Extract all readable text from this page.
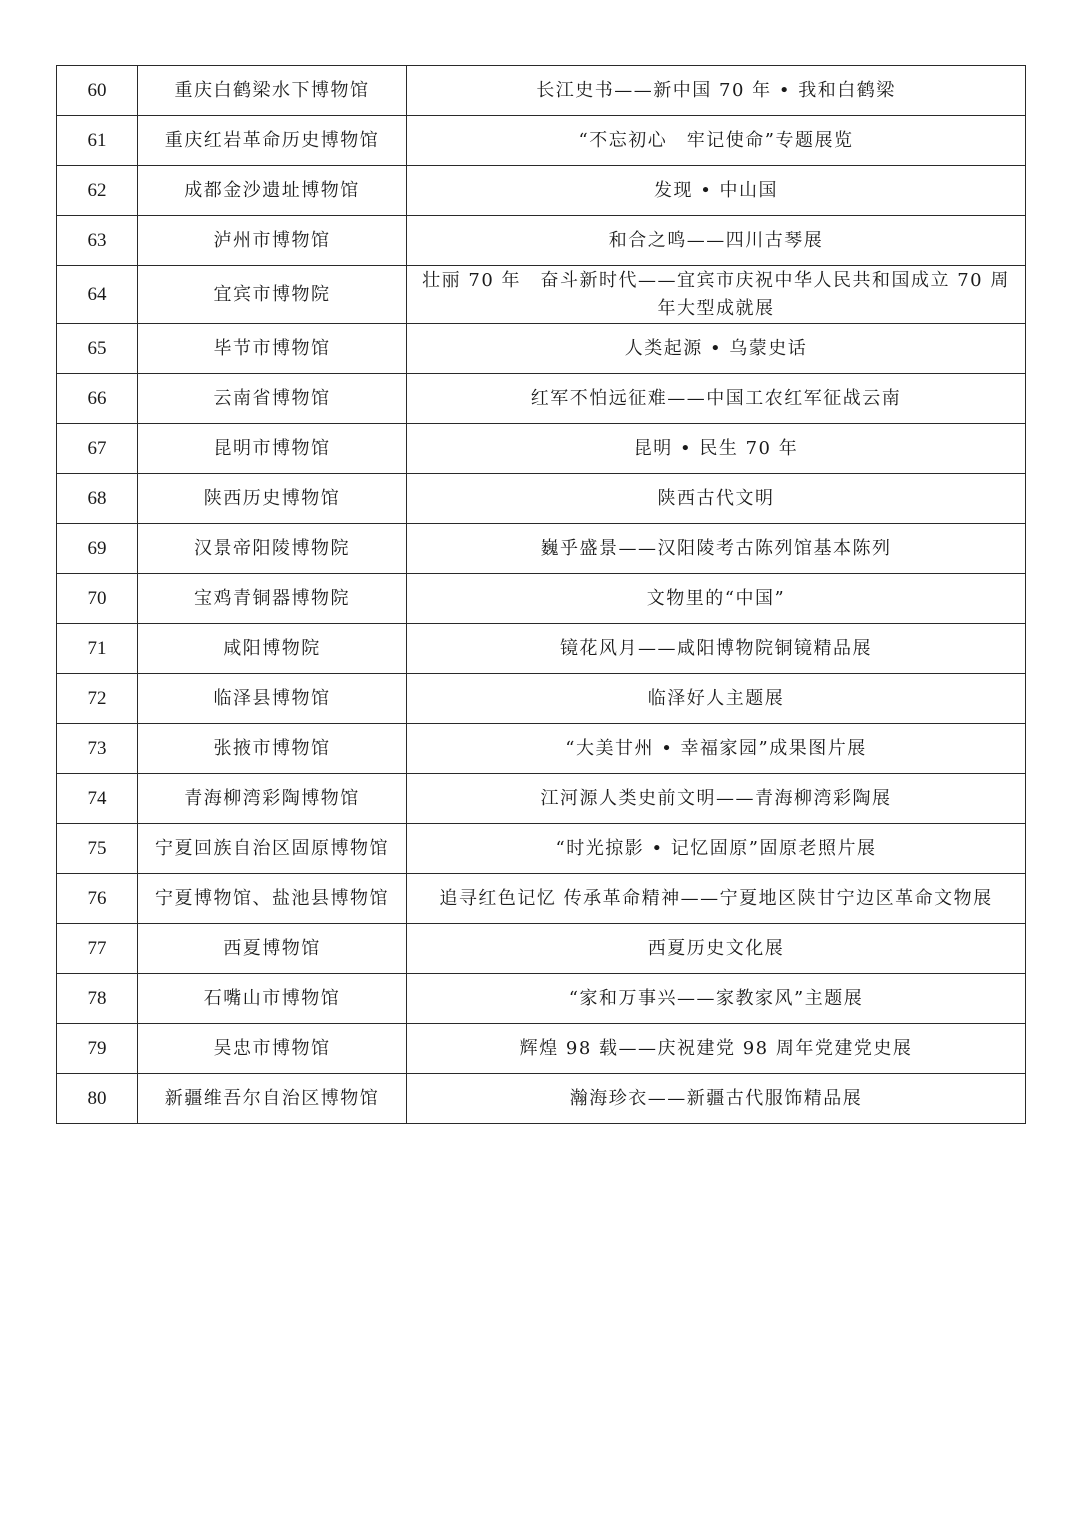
60	重庆白鹤梁水下博物馆	长江史书——新中国 70 年 • 我和白鹤梁
61	重庆红岩革命历史博物馆	“不忘初心　牢记使命”专题展览
62	成都金沙遗址博物馆	发现 • 中山国
63	泸州市博物馆	和合之鸣——四川古琴展
64	宜宾市博物院	壮丽 70 年　奋斗新时代——宜宾市庆祝中华人民共和国成立 70 周年大型成就展
65	毕节市博物馆	人类起源 • 乌蒙史话
66	云南省博物馆	红军不怕远征难——中国工农红军征战云南
67	昆明市博物馆	昆明 • 民生 70 年
68	陕西历史博物馆	陕西古代文明
69	汉景帝阳陵博物院	巍乎盛景——汉阳陵考古陈列馆基本陈列
70	宝鸡青铜器博物院	文物里的“中国”
71	咸阳博物院	镜花风月——咸阳博物院铜镜精品展
72	临泽县博物馆	临泽好人主题展
73	张掖市博物馆	“大美甘州 • 幸福家园”成果图片展
74	青海柳湾彩陶博物馆	江河源人类史前文明——青海柳湾彩陶展
75	宁夏回族自治区固原博物馆	“时光掠影 • 记忆固原”固原老照片展
76	宁夏博物馆、盐池县博物馆	追寻红色记忆 传承革命精神——宁夏地区陕甘宁边区革命文物展
77	西夏博物馆	西夏历史文化展
78	石嘴山市博物馆	“家和万事兴——家教家风”主题展
79	吴忠市博物馆	辉煌 98 载——庆祝建党 98 周年党建党史展
80	新疆维吾尔自治区博物馆	瀚海珍衣——新疆古代服饰精品展
